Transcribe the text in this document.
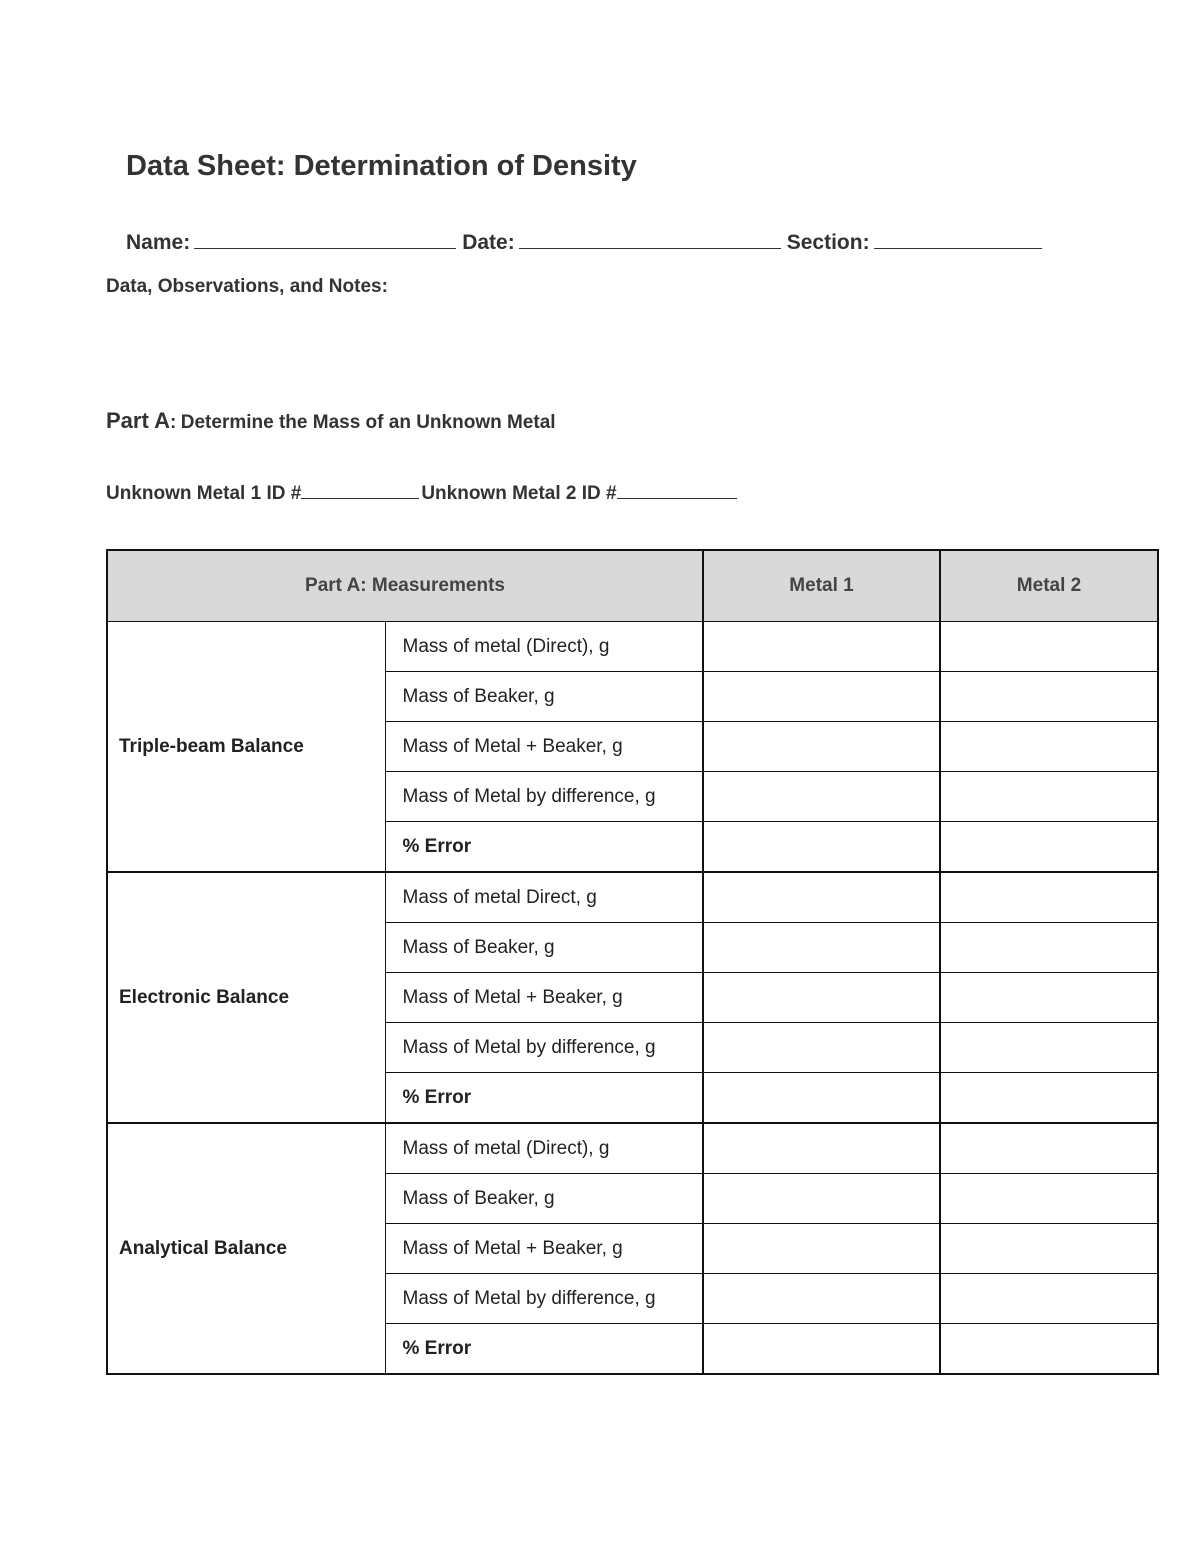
Data Sheet: Determination of Density
Name:	Date:	Section:
Data, Observations, and Notes:
Part A: Determine the Mass of an Unknown Metal
Unknown Metal 1 ID #	Unknown Metal 2 ID #
Part A: Measurements		Metal 1	Metal 2
Triple-beam Balance	Mass of metal (Direct), g		
	Mass of Beaker, g		
	Mass of Metal + Beaker, g		
	Mass of Metal by difference, g		
	% Error		
Electronic Balance	Mass of metal Direct, g		
	Mass of Beaker, g		
	Mass of Metal + Beaker, g		
	Mass of Metal by difference, g		
	% Error		
Analytical Balance	Mass of metal (Direct), g		
	Mass of Beaker, g		
	Mass of Metal + Beaker, g		
	Mass of Metal by difference, g		
	% Error		
